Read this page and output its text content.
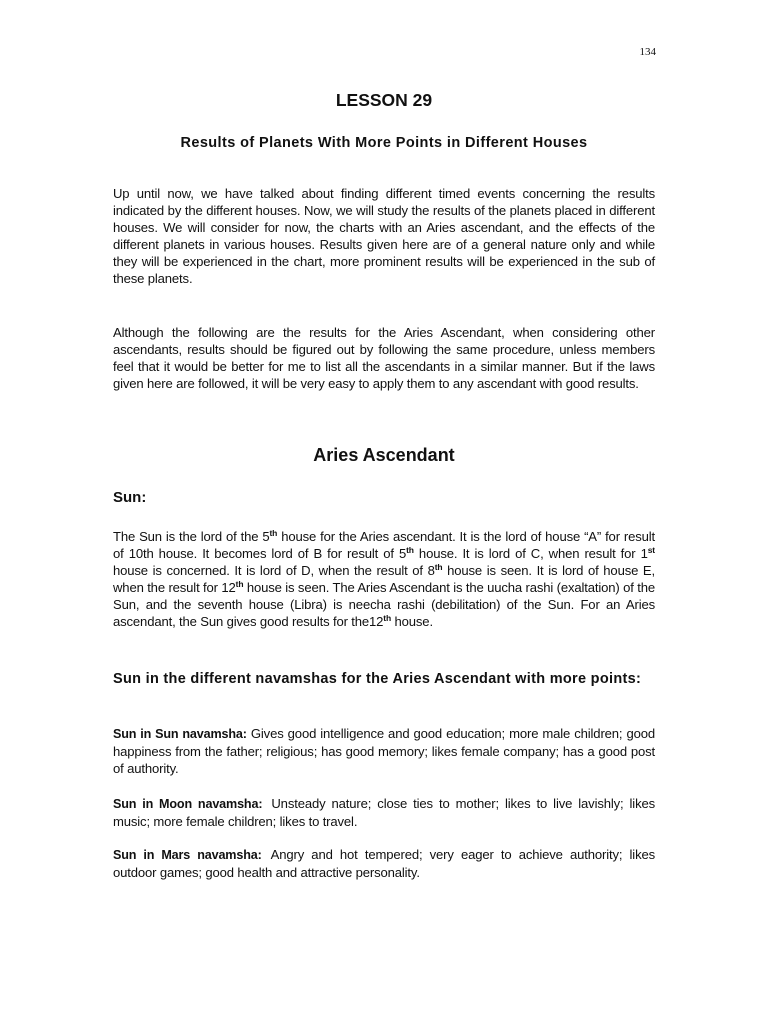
134
LESSON 29
Results of Planets With More Points in Different Houses

Up until now, we have talked about finding different timed events concerning the results indicated by the different houses. Now, we will study the results of the planets placed in different houses. We will consider for now, the charts with an Aries ascendant, and the effects of the different planets in various houses. Results given here are of a general nature only and while they will be experienced in the chart, more prominent results will be experienced in the sub of these planets.

Although the following are the results for the Aries Ascendant, when considering other ascendants, results should be figured out by following the same procedure, unless members feel that it would be better for me to list all the ascendants in a similar manner. But if the laws given here are followed, it will be very easy to apply them to any ascendant with good results.

Aries Ascendant
Sun:

The Sun is the lord of the 5th house for the Aries ascendant. It is the lord of house “A” for result of 10th house. It becomes lord of B for result of 5th house. It is lord of C, when result for 1st house is concerned. It is lord of D, when the result of 8th house is seen. It is lord of house E, when the result for 12th house is seen. The Aries Ascendant is the uucha rashi (exaltation) of the Sun, and the seventh house (Libra) is neecha rashi (debilitation) of the Sun. For an Aries ascendant, the Sun gives good results for the12th house.

Sun in the different navamshas for the Aries Ascendant with more points:

Sun in Sun navamsha: Gives good intelligence and good education; more male children; good happiness from the father; religious; has good memory; likes female company; has a good post of authority.

Sun in Moon navamsha: Unsteady nature; close ties to mother; likes to live lavishly; likes music; more female children; likes to travel.

Sun in Mars navamsha: Angry and hot tempered; very eager to achieve authority; likes outdoor games; good health and attractive personality.
